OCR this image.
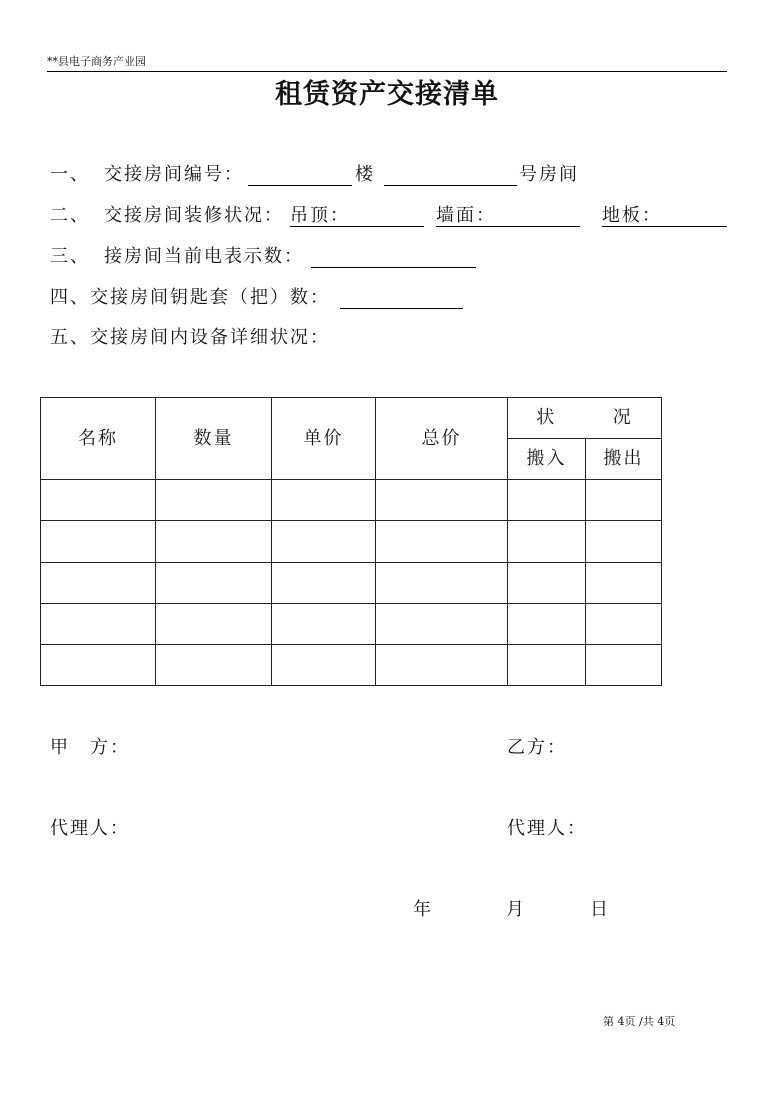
**县电子商务产业园
租赁资产交接清单

一、

交接房间编号：

	楼

	号房间

二、

交接房间装修状况：

吊顶：

	墙面：

	地板：

三、

接房间当前电表示数：

四、交接房间钥匙套（把）数：

五、交接房间内设备详细状况：

名称	数量	单价	总价	状 况	

				搬入	搬出

甲　方：

	乙方：

代理人：

	代理人：

年

	月

	日

第 4页 /共 4页
